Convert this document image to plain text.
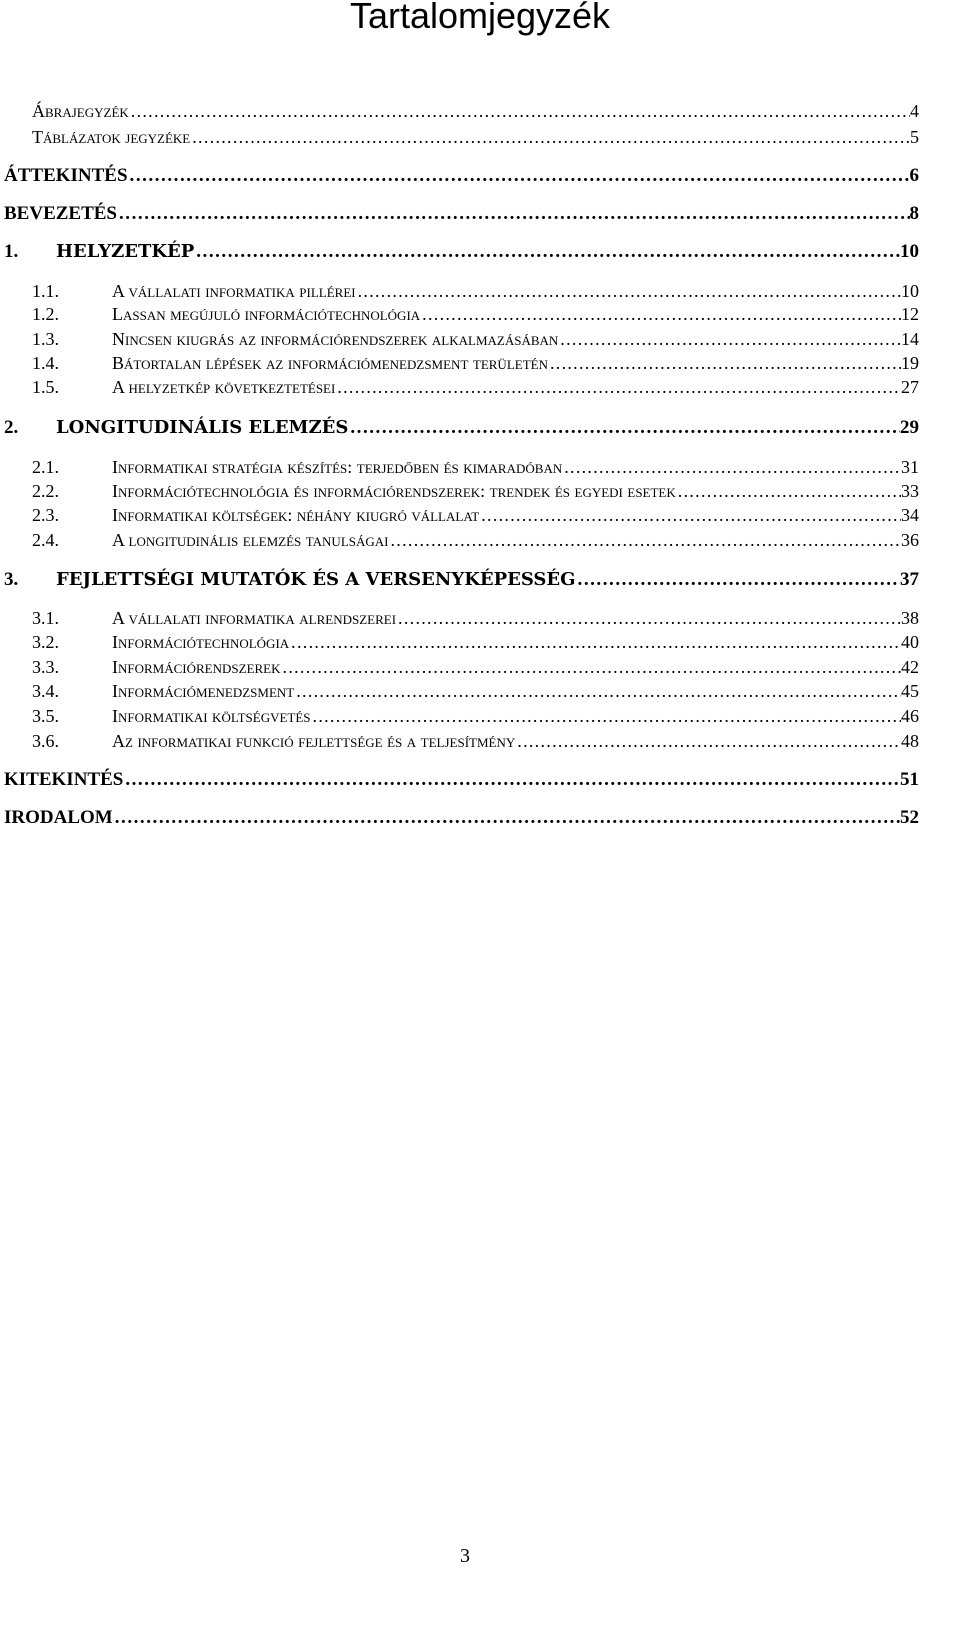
Tartalomjegyzék
Ábrajegyzék . . .	4
Táblázatok jegyzéke . . .	5
ÁTTEKINTÉS . . .	6
BEVEZETÉS . . .	8
1.	HELYZETKÉP . . .	10
1.1.	A vállalati informatika pillérei . . .	10
1.2.	Lassan megújuló információtechnológia . . .	12
1.3.	Nincsen kiugrás az információrendszerek alkalmazásában . . .	14
1.4.	Bátortalan lépések az információmenedzsment területén . . .	19
1.5.	A helyzetkép következtetései . . .	27
2.	LONGITUDINÁLIS ELEMZÉS . . .	29
2.1.	Informatikai stratégia készítés: terjedőben és kimaradóban . . .	31
2.2.	Információtechnológia és információrendszerek: trendek és egyedi esetek . . .	33
2.3.	Informatikai költségek: néhány kiugró vállalat . . .	34
2.4.	A longitudinális elemzés tanulságai . . .	36
3.	FEJLETTSÉGI MUTATÓK ÉS A VERSENYKÉPESSÉG . . .	37
3.1.	A vállalati informatika alrendszerei . . .	38
3.2.	Információtechnológia . . .	40
3.3.	Információrendszerek . . .	42
3.4.	Információmenedzsment . . .	45
3.5.	Informatikai költségvetés . . .	46
3.6.	Az informatikai funkció fejlettsége és a teljesítmény . . .	48
KITEKINTÉS . . .	51
IRODALOM . . .	52
3
